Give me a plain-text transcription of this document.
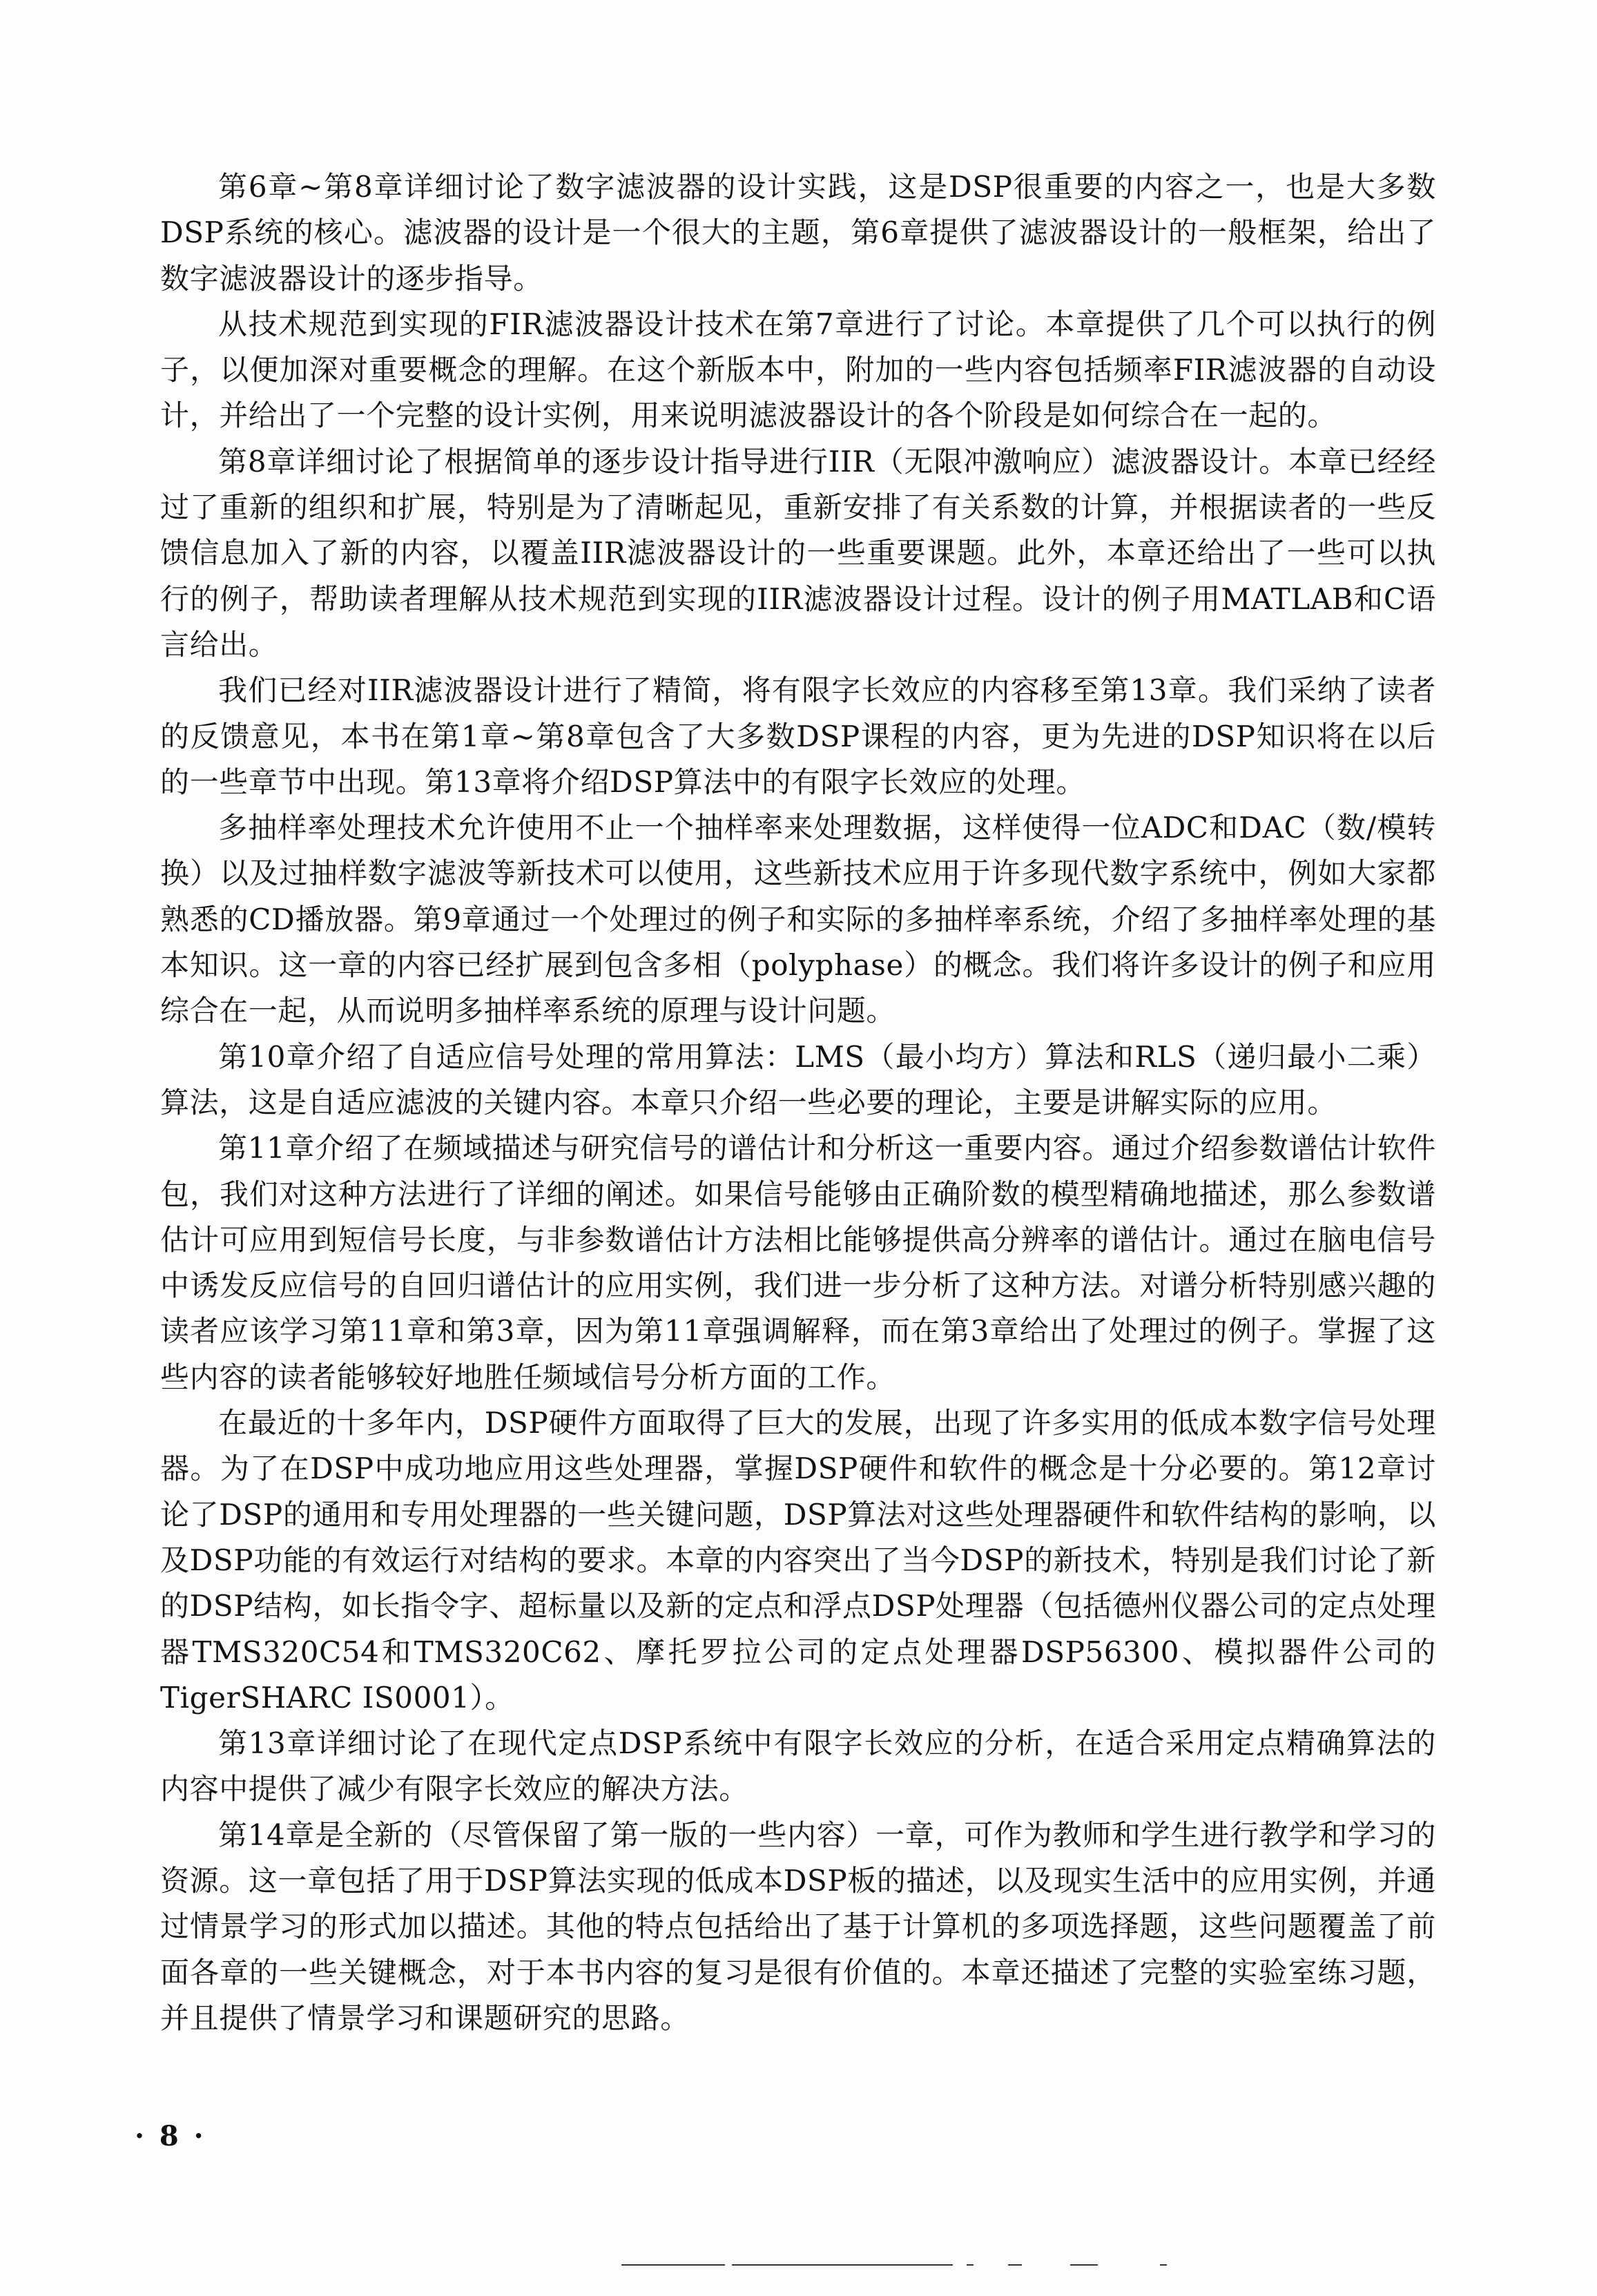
第6章~第8章详细讨论了数字滤波器的设计实践，这是DSP很重要的内容之一，也是大多数DSP系统的核心。滤波器的设计是一个很大的主题，第6章提供了滤波器设计的一般框架，给出了数字滤波器设计的逐步指导。

从技术规范到实现的FIR滤波器设计技术在第7章进行了讨论。本章提供了几个可以执行的例子，以便加深对重要概念的理解。在这个新版本中，附加的一些内容包括频率FIR滤波器的自动设计，并给出了一个完整的设计实例，用来说明滤波器设计的各个阶段是如何综合在一起的。

第8章详细讨论了根据简单的逐步设计指导进行IIR（无限冲激响应）滤波器设计。本章已经经过了重新的组织和扩展，特别是为了清晰起见，重新安排了有关系数的计算，并根据读者的一些反馈信息加入了新的内容，以覆盖IIR滤波器设计的一些重要课题。此外，本章还给出了一些可以执行的例子，帮助读者理解从技术规范到实现的IIR滤波器设计过程。设计的例子用MATLAB和C语言给出。

我们已经对IIR滤波器设计进行了精简，将有限字长效应的内容移至第13章。我们采纳了读者的反馈意见，本书在第1章~第8章包含了大多数DSP课程的内容，更为先进的DSP知识将在以后的一些章节中出现。第13章将介绍DSP算法中的有限字长效应的处理。

多抽样率处理技术允许使用不止一个抽样率来处理数据，这样使得一位ADC和DAC（数/模转换）以及过抽样数字滤波等新技术可以使用，这些新技术应用于许多现代数字系统中，例如大家都熟悉的CD播放器。第9章通过一个处理过的例子和实际的多抽样率系统，介绍了多抽样率处理的基本知识。这一章的内容已经扩展到包含多相（polyphase）的概念。我们将许多设计的例子和应用综合在一起，从而说明多抽样率系统的原理与设计问题。

第10章介绍了自适应信号处理的常用算法：LMS（最小均方）算法和RLS（递归最小二乘）算法，这是自适应滤波的关键内容。本章只介绍一些必要的理论，主要是讲解实际的应用。

第11章介绍了在频域描述与研究信号的谱估计和分析这一重要内容。通过介绍参数谱估计软件包，我们对这种方法进行了详细的阐述。如果信号能够由正确阶数的模型精确地描述，那么参数谱估计可应用到短信号长度，与非参数谱估计方法相比能够提供高分辨率的谱估计。通过在脑电信号中诱发反应信号的自回归谱估计的应用实例，我们进一步分析了这种方法。对谱分析特别感兴趣的读者应该学习第11章和第3章，因为第11章强调解释，而在第3章给出了处理过的例子。掌握了这些内容的读者能够较好地胜任频域信号分析方面的工作。

在最近的十多年内，DSP硬件方面取得了巨大的发展，出现了许多实用的低成本数字信号处理器。为了在DSP中成功地应用这些处理器，掌握DSP硬件和软件的概念是十分必要的。第12章讨论了DSP的通用和专用处理器的一些关键问题，DSP算法对这些处理器硬件和软件结构的影响，以及DSP功能的有效运行对结构的要求。本章的内容突出了当今DSP的新技术，特别是我们讨论了新的DSP结构，如长指令字、超标量以及新的定点和浮点DSP处理器（包括德州仪器公司的定点处理器TMS320C54和TMS320C62、摩托罗拉公司的定点处理器DSP56300、模拟器件公司的TigerSHARC IS0001）。

第13章详细讨论了在现代定点DSP系统中有限字长效应的分析，在适合采用定点精确算法的内容中提供了减少有限字长效应的解决方法。

第14章是全新的（尽管保留了第一版的一些内容）一章，可作为教师和学生进行教学和学习的资源。这一章包括了用于DSP算法实现的低成本DSP板的描述，以及现实生活中的应用实例，并通过情景学习的形式加以描述。其他的特点包括给出了基于计算机的多项选择题，这些问题覆盖了前面各章的一些关键概念，对于本书内容的复习是很有价值的。本章还描述了完整的实验室练习题，并且提供了情景学习和课题研究的思路。

· 8 ·
